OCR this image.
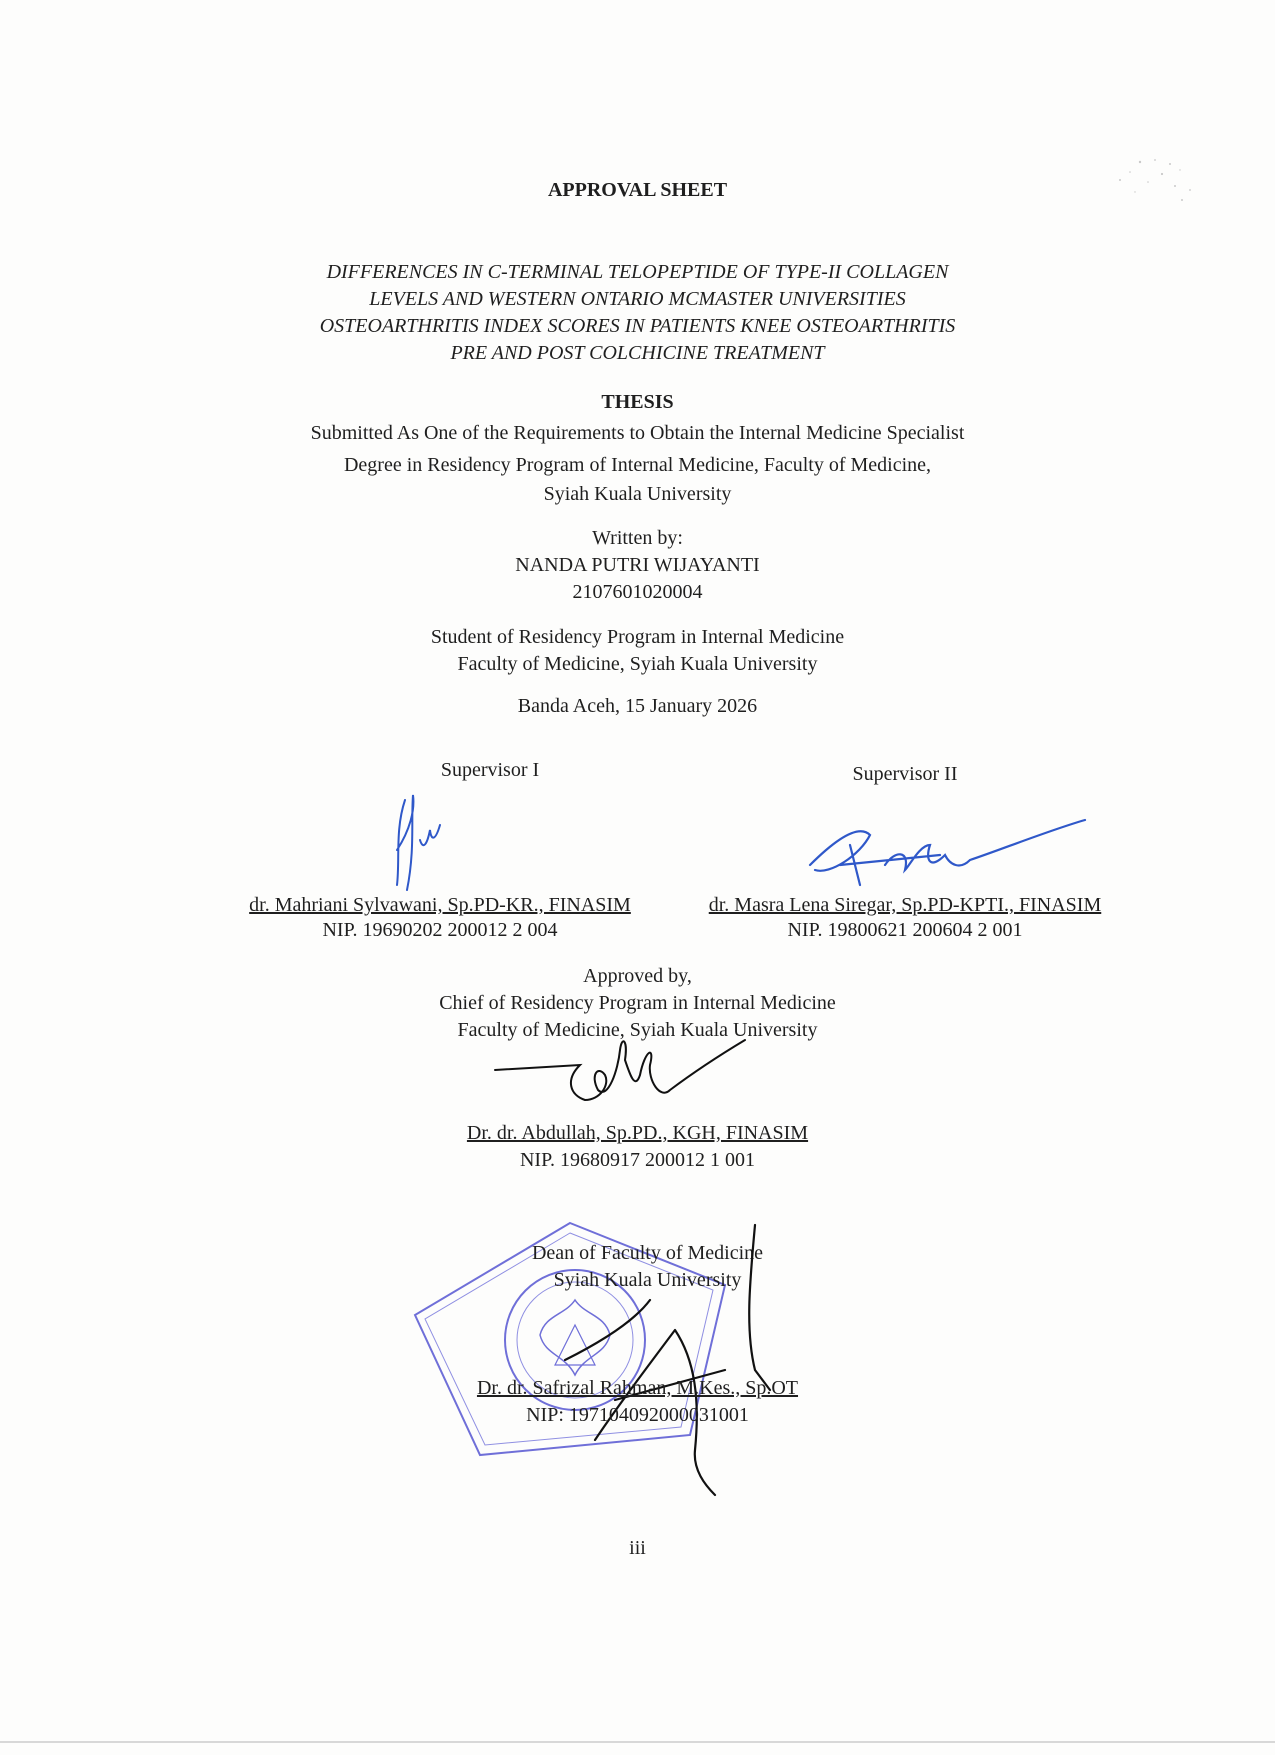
APPROVAL SHEET
DIFFERENCES IN C-TERMINAL TELOPEPTIDE OF TYPE-II COLLAGEN
LEVELS AND WESTERN ONTARIO MCMASTER UNIVERSITIES
OSTEOARTHRITIS INDEX SCORES IN PATIENTS KNEE OSTEOARTHRITIS
PRE AND POST COLCHICINE TREATMENT
THESIS
Submitted As One of the Requirements to Obtain the Internal Medicine Specialist
Degree in Residency Program of Internal Medicine, Faculty of Medicine,
Syiah Kuala University
Written by:
NANDA PUTRI WIJAYANTI
2107601020004
Student of Residency Program in Internal Medicine
Faculty of Medicine, Syiah Kuala University
Banda Aceh, 15 January 2026
Supervisor I
dr. Mahriani Sylvawani, Sp.PD-KR., FINASIM
NIP. 19690202 200012 2 004
Supervisor II
dr. Masra Lena Siregar, Sp.PD-KPTI., FINASIM
NIP. 19800621 200604 2 001
Approved by,
Chief of Residency Program in Internal Medicine
Faculty of Medicine, Syiah Kuala University
Dr. dr. Abdullah, Sp.PD., KGH, FINASIM
NIP. 19680917 200012 1 001
Dean of Faculty of Medicine
Syiah Kuala University
Dr. dr. Safrizal Rahman, M.Kes., Sp.OT
NIP: 197104092000031001
iii
